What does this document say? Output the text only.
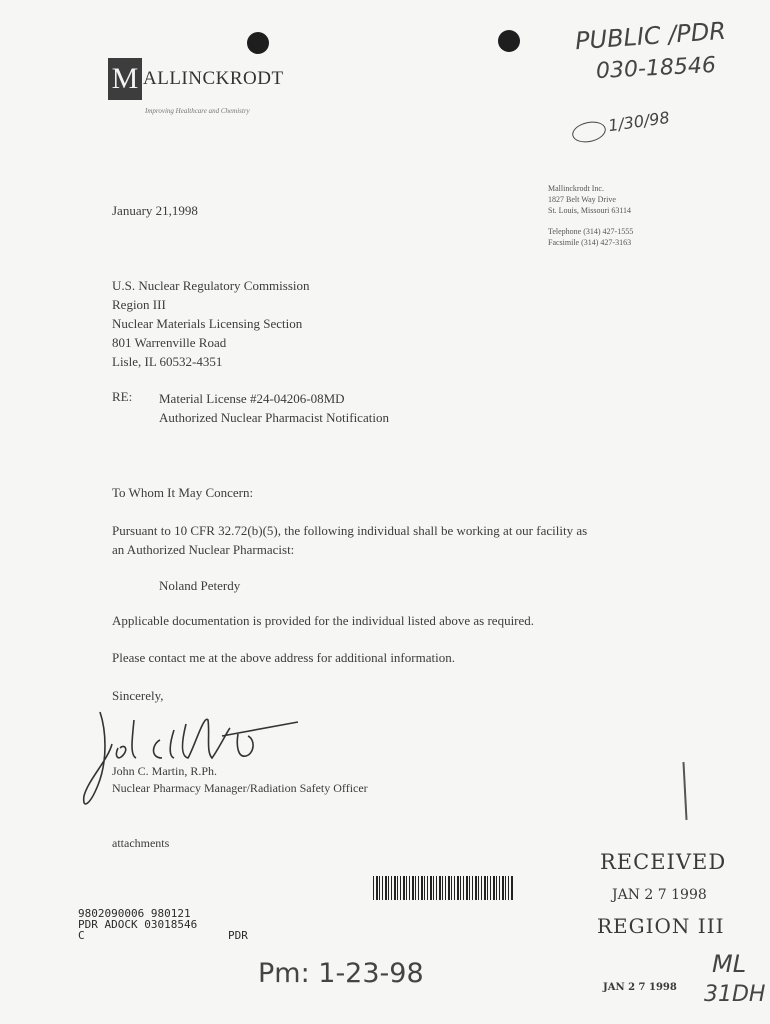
PUBLIC /PDR
030-18546
1/30/98
M ALLINCKRODT
Improving Healthcare and Chemistry
Mallinckrodt Inc.
1827 Belt Way Drive
St. Louis, Missouri 63114
Telephone (314) 427-1555
Facsimile (314) 427-3163
January 21,1998
U.S. Nuclear Regulatory Commission
Region III
Nuclear Materials Licensing Section
801 Warrenville Road
Lisle, IL 60532-4351
RE: Material License #24-04206-08MD
Authorized Nuclear Pharmacist Notification
To Whom It May Concern:
Pursuant to 10 CFR 32.72(b)(5), the following individual shall be working at our facility as
an Authorized Nuclear Pharmacist:
Noland Peterdy
Applicable documentation is provided for the individual listed above as required.
Please contact me at the above address for additional information.
Sincerely,
John C. Martin, R.Ph.
Nuclear Pharmacy Manager/Radiation Safety Officer
attachments
RECEIVED
JAN 2 7 1998
REGION III
9802090006 980121
PDR ADOCK 03018546
C	PDR
Pm: 1-23-98	JAN 2 7 1998
ML
31DH
